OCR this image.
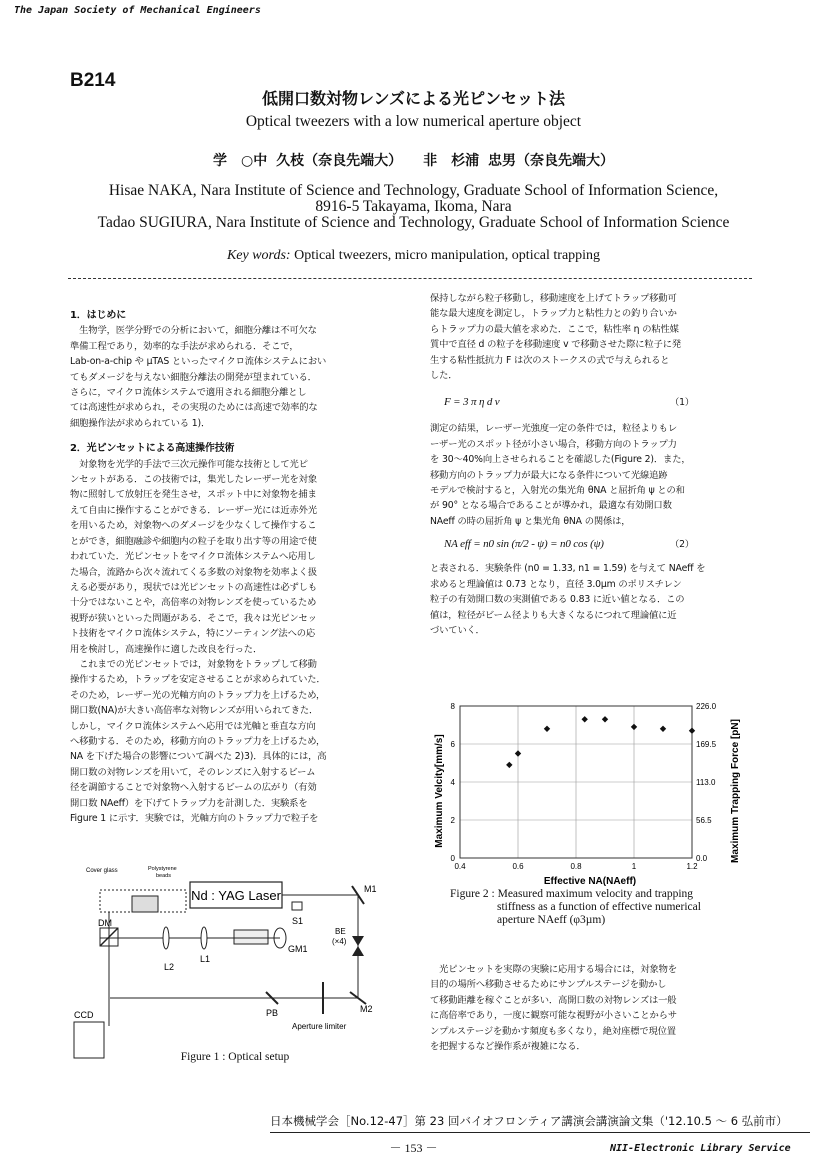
The Japan Society of Mechanical Engineers
B214
低開口数対物レンズによる光ピンセット法
Optical tweezers with a low numerical aperture object
学　○中 久枝（奈良先端大）　　非　杉浦 忠男（奈良先端大）
Hisae NAKA, Nara Institute of Science and Technology, Graduate School of Information Science,
8916-5 Takayama, Ikoma, Nara
Tadao SUGIURA, Nara Institute of Science and Technology, Graduate School of Information Science
Key words: Optical tweezers, micro manipulation, optical trapping

1．はじめに

　生物学，医学分野での分析において，細胞分離は不可欠な

準備工程であり，効率的な手法が求められる．そこで，

Lab-on-a-chip や µTAS といったマイクロ流体システムにおい

てもダメージを与えない細胞分離法の開発が望まれている．

さらに，マイクロ流体システムで適用される細胞分離とし

ては高速性が求められ，その実現のためには高速で効率的な

細胞操作法が求められている 1)．

2．光ピンセットによる高速操作技術

　対象物を光学的手法で三次元操作可能な技術として光ピ

ンセットがある．この技術では，集光したレーザー光を対象

物に照射して放射圧を発生させ，スポット中に対象物を捕ま

えて自由に操作することができる．レーザー光には近赤外光

を用いるため，対象物へのダメージを少なくして操作するこ

とができ，細胞融診や細胞内の粒子を取り出す等の用途で使

われていた．光ピンセットをマイクロ流体システムへ応用し

た場合，流路から次々流れてくる多数の対象物を効率よく扱

える必要があり，現状では光ピンセットの高速性は必ずしも

十分ではないことや，高倍率の対物レンズを使っているため

視野が狭いといった問題がある．そこで，我々は光ピンセッ

ト技術をマイクロ流体システム，特にソーティング法への応

用を検討し，高速操作に適した改良を行った．

　これまでの光ピンセットでは，対象物をトラップして移動

操作するため，トラップを安定させることが求められていた．

そのため，レーザー光の光軸方向のトラップ力を上げるため，

開口数(NA)が大きい高倍率な対物レンズが用いられてきた．

しかし，マイクロ流体システムへ応用では光軸と垂直な方向

へ移動する．そのため，移動方向のトラップ力を上げるため，

NA を下げた場合の影響について調べた 2)3)．具体的には，高

開口数の対物レンズを用いて，そのレンズに入射するビーム

径を調節することで対象物へ入射するビームの広がり（有効

開口数 NAeff）を下げてトラップ力を計測した．実験系を

Figure 1 に示す．実験では，光軸方向のトラップ力で粒子を

Cover glass	Polystyrene
beads
Nd : YAG Laser	M1
S1
BE
(×4)
M2
Aperture limiter
PB
GM1
L1
L2
DM
CCD
Figure 1 : Optical setup

保持しながら粒子移動し，移動速度を上げてトラップ移動可

能な最大速度を測定し，トラップ力と粘性力との釣り合いか

らトラップ力の最大値を求めた．ここで，粘性率 η の粘性媒

質中で直径 d の粒子を移動速度 v で移動させた際に粒子に発

生する粘性抵抗力 F は次のストークスの式で与えられると

した．

F = 3 π η d v	（1）

測定の結果，レーザー光強度一定の条件では，粒径よりもレ

ーザー光のスポット径が小さい場合，移動方向のトラップ力

を 30～40%向上させられることを確認した(Figure 2)．また，

移動方向のトラップ力が最大になる条件について光線追跡

モデルで検討すると，入射光の集光角 θNA と屈折角 ψ との和

が 90° となる場合であることが導かれ，最適な有効開口数

NAeff の時の屈折角 ψ と集光角 θNA の関係は，

NA eff = n0 sin (π/2 - ψ) = n0 cos (ψ)	（2）

と表される．実験条件 (n0 = 1.33, n1 = 1.59) を与えて NAeff を

求めると理論値は 0.73 となり，直径 3.0µm のポリスチレン

粒子の有効開口数の実測値である 0.83 に近い値となる．この

値は，粒径がビーム径よりも大きくなるにつれて理論値に近

づいていく．

0.4	0.6	0.8	1	1.2
0	0.0
2	56.5
4	113.0
6	169.5
8	226.0
Maximum Velcity[mm/s]	Maximum Trapping Force [pN]
Effective NA(NAeff)
Figure 2 : Measured maximum velocity and trapping
stiffness as a function of effective numerical
aperture NAeff (φ3µm)

　光ピンセットを実際の実験に応用する場合には，対象物を

目的の場所へ移動させるためにサンプルステージを動かし

て移動距離を稼ぐことが多い．高開口数の対物レンズは一般

に高倍率であり，一度に観察可能な視野が小さいことからサ

ンプルステージを動かす頻度も多くなり，絶対座標で現位置

を把握するなど操作系が複雑になる．

日本機械学会［No.12-47］第 23 回バイオフロンティア講演会講演論文集（'12.10.5 ～ 6 弘前市）
－ 153 －	NII-Electronic Library Service
